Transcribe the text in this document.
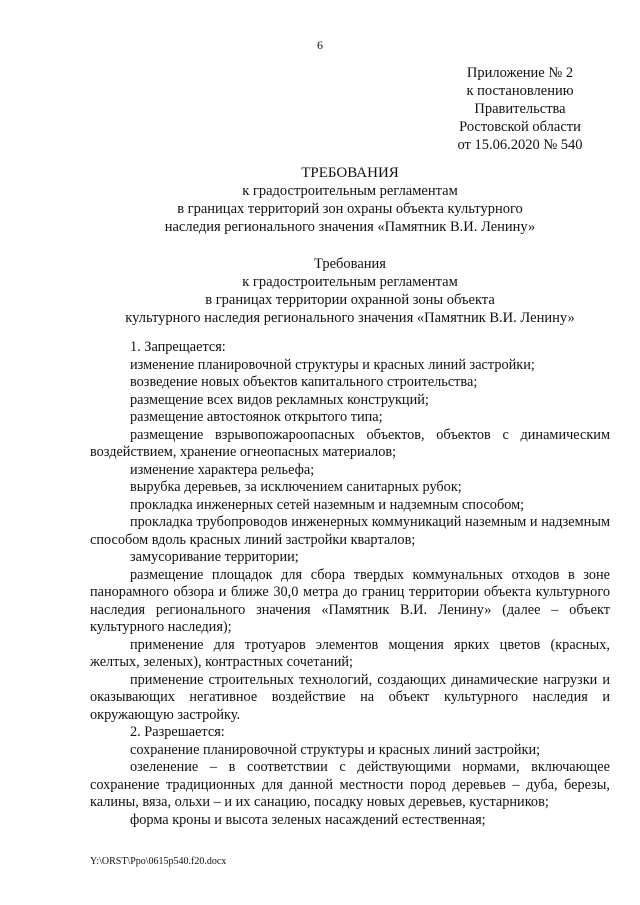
6
Приложение № 2
к постановлению
Правительства
Ростовской области
от 15.06.2020 № 540
ТРЕБОВАНИЯ
к градостроительным регламентам
в границах территорий зон охраны объекта культурного
наследия регионального значения «Памятник В.И. Ленину»
Требования
к градостроительным регламентам
в границах территории охранной зоны объекта
культурного наследия регионального значения «Памятник В.И. Ленину»

1. Запрещается:

изменение планировочной структуры и красных линий застройки;

возведение новых объектов капитального строительства;

размещение всех видов рекламных конструкций;

размещение автостоянок открытого типа;

размещение взрывопожароопасных объектов, объектов с динамическим воздействием, хранение огнеопасных материалов;

изменение характера рельефа;

вырубка деревьев, за исключением санитарных рубок;

прокладка инженерных сетей наземным и надземным способом;

прокладка трубопроводов инженерных коммуникаций наземным и надземным способом вдоль красных линий застройки кварталов;

замусоривание территории;

размещение площадок для сбора твердых коммунальных отходов в зоне панорамного обзора и ближе 30,0 метра до границ территории объекта культурного наследия регионального значения «Памятник В.И. Ленину» (далее – объект культурного наследия);

применение для тротуаров элементов мощения ярких цветов (красных, желтых, зеленых), контрастных сочетаний;

применение строительных технологий, создающих динамические нагрузки и оказывающих негативное воздействие на объект культурного наследия и окружающую застройку.

2. Разрешается:

сохранение планировочной структуры и красных линий застройки;

озеленение – в соответствии с действующими нормами, включающее сохранение традиционных для данной местности пород деревьев – дуба, березы, калины, вяза, ольхи – и их санацию, посадку новых деревьев, кустарников;

форма кроны и высота зеленых насаждений естественная;

Y:\ORST\Ppo\0615p540.f20.docx
